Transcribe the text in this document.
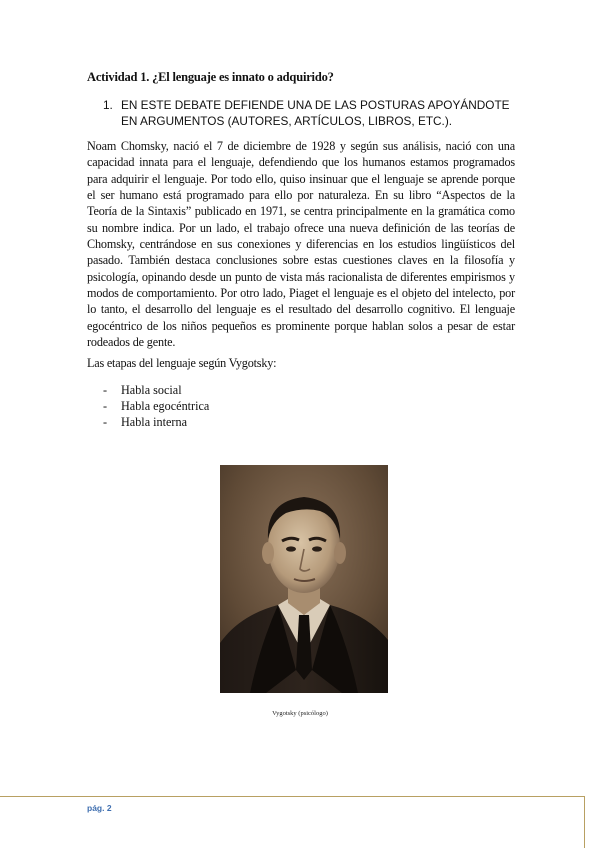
Actividad 1. ¿El lenguaje es innato o adquirido?
1. EN ESTE DEBATE DEFIENDE UNA DE LAS POSTURAS APOYÁNDOTE EN ARGUMENTOS (AUTORES, ARTÍCULOS, LIBROS, ETC.).

Noam Chomsky, nació el 7 de diciembre de 1928 y según sus análisis, nació con una capacidad innata para el lenguaje, defendiendo que los humanos estamos programados para adquirir el lenguaje. Por todo ello, quiso insinuar que el lenguaje se aprende porque el ser humano está programado para ello por naturaleza. En su libro “Aspectos de la Teoría de la Sintaxis” publicado en 1971, se centra principalmente en la gramática como su nombre indica. Por un lado, el trabajo ofrece una nueva definición de las teorías de Chomsky, centrándose en sus conexiones y diferencias en los estudios lingüísticos del pasado. También destaca conclusiones sobre estas cuestiones claves en la filosofía y psicología, opinando desde un punto de vista más racionalista de diferentes empirismos y modos de comportamiento. Por otro lado, Piaget el lenguaje es el objeto del intelecto, por lo tanto, el desarrollo del lenguaje es el resultado del desarrollo cognitivo. El lenguaje egocéntrico de los niños pequeños es prominente porque hablan solos a pesar de estar rodeados de gente.

Las etapas del lenguaje según Vygotsky:
-	Habla social
-	Habla egocéntrica
-	Habla interna
Vygotsky (psicólogo)
pág. 2
